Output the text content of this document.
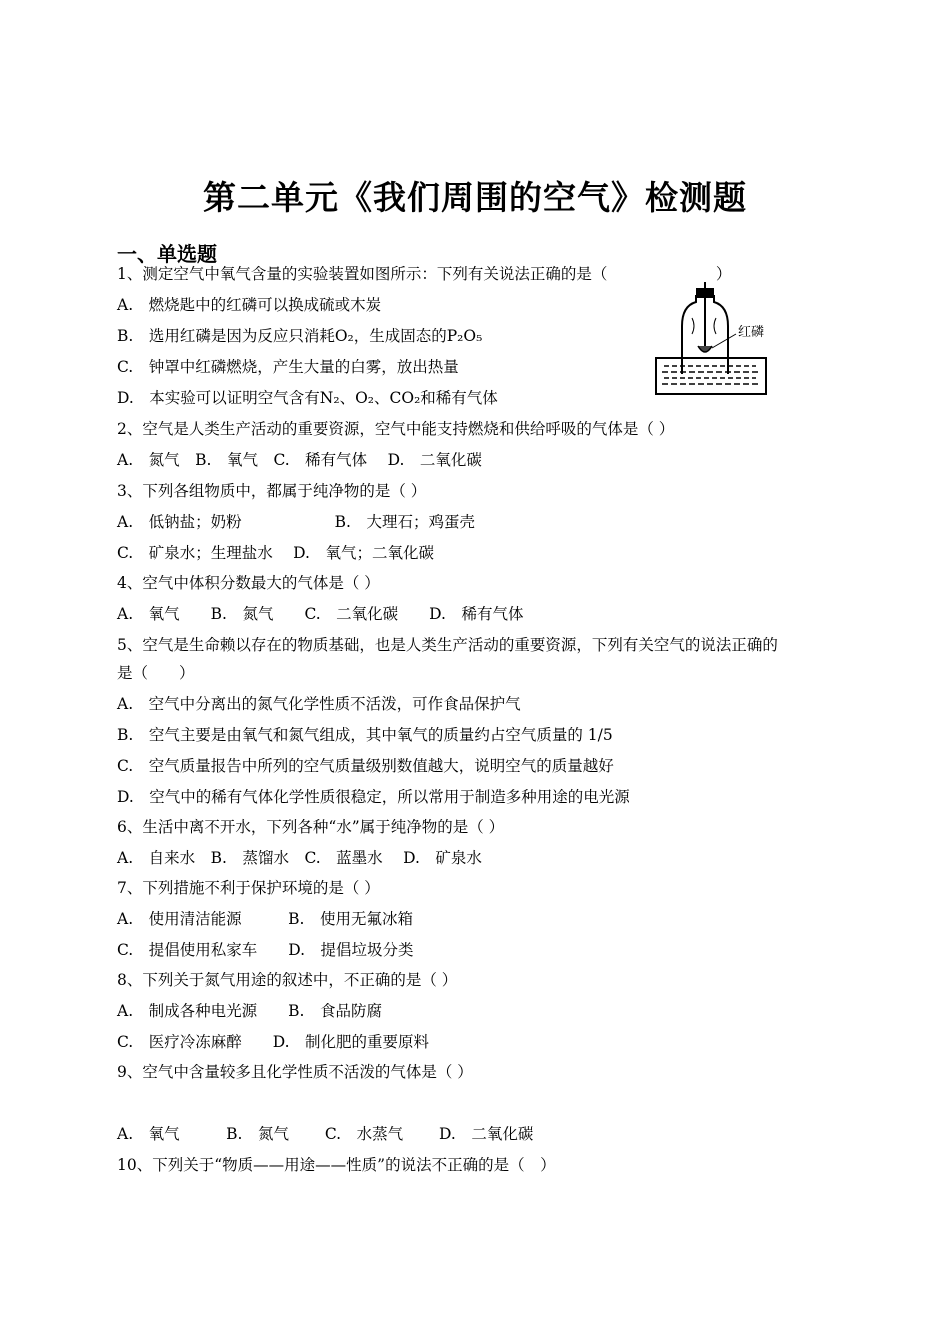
第二单元《我们周围的空气》检测题
一、单选题
1、测定空气中氧气含量的实验装置如图所示：下列有关说法正确的是（　　　　　　　）
A.　燃烧匙中的红磷可以换成硫或木炭
B.　选用红磷是因为反应只消耗O₂，生成固态的P₂O₅
C.　钟罩中红磷燃烧，产生大量的白雾，放出热量
D.　本实验可以证明空气含有N₂、O₂、CO₂和稀有气体
红磷
2、空气是人类生产活动的重要资源，空气中能支持燃烧和供给呼吸的气体是（ ）
A.　氮气　B.　氧气　C.　稀有气体　 D.　二氧化碳
3、下列各组物质中，都属于纯净物的是（ ）
A.　低钠盐；奶粉　　　　　　B.　大理石；鸡蛋壳
C.　矿泉水；生理盐水　 D.　氧气；二氧化碳
4、空气中体积分数最大的气体是（ ）
A.　氧气　　B.　氮气　　C.　二氧化碳　　D.　稀有气体
5、空气是生命赖以存在的物质基础，也是人类生产活动的重要资源，下列有关空气的说法正确的
是（　　）
A.　空气中分离出的氮气化学性质不活泼，可作食品保护气
B.　空气主要是由氧气和氮气组成，其中氧气的质量约占空气质量的 1/5
C.　空气质量报告中所列的空气质量级别数值越大，说明空气的质量越好
D.　空气中的稀有气体化学性质很稳定，所以常用于制造多种用途的电光源
6、生活中离不开水，下列各种“水”属于纯净物的是（ ）
A.　自来水　B.　蒸馏水　C.　蓝墨水　 D.　矿泉水
7、下列措施不利于保护环境的是（ ）
A.　使用清洁能源　　　B.　使用无氟冰箱
C.　提倡使用私家车　　D.　提倡垃圾分类
8、下列关于氮气用途的叙述中，不正确的是（ ）
A.　制成各种电光源　　B.　食品防腐
C.　医疗冷冻麻醉　　D.　制化肥的重要原料
9、空气中含量较多且化学性质不活泼的气体是（ ）
A.　氧气　　　B.　氮气　　 C.　水蒸气　　 D.　二氧化碳
10、下列关于“物质——用途——性质”的说法不正确的是（　）
